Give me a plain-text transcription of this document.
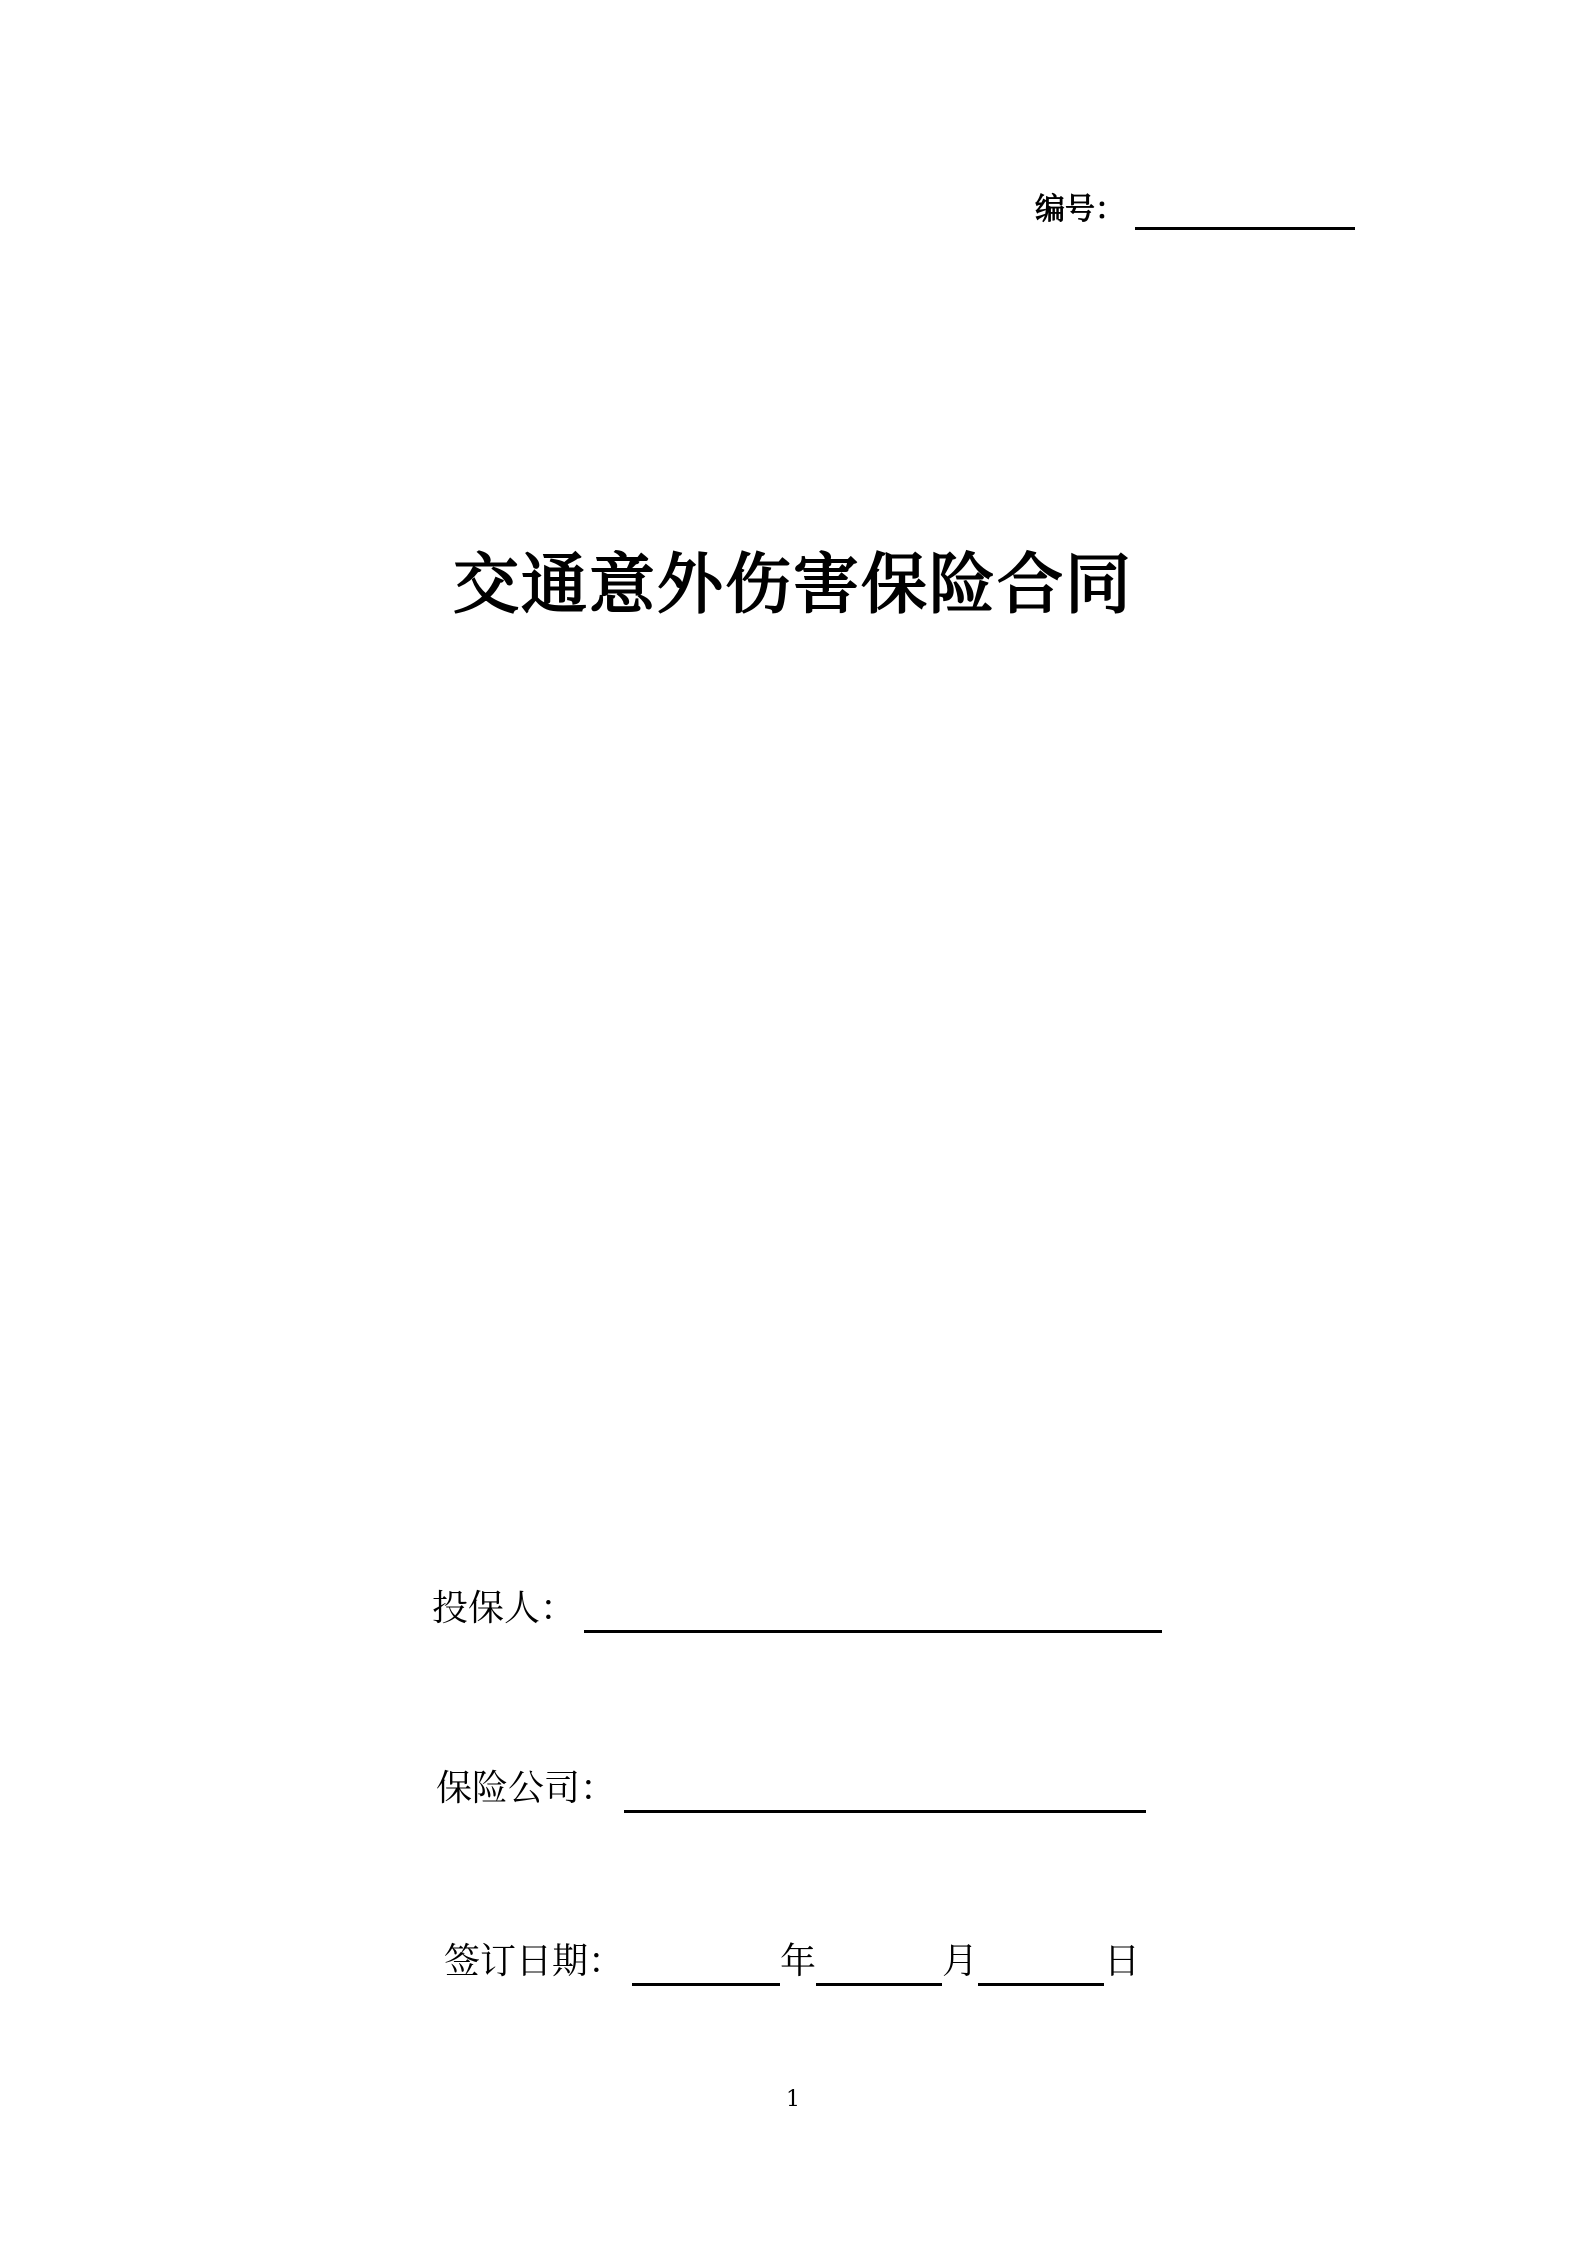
编号：
交通意外伤害保险合同
投保人：
保险公司：
签订日期：	年	月	日
1
